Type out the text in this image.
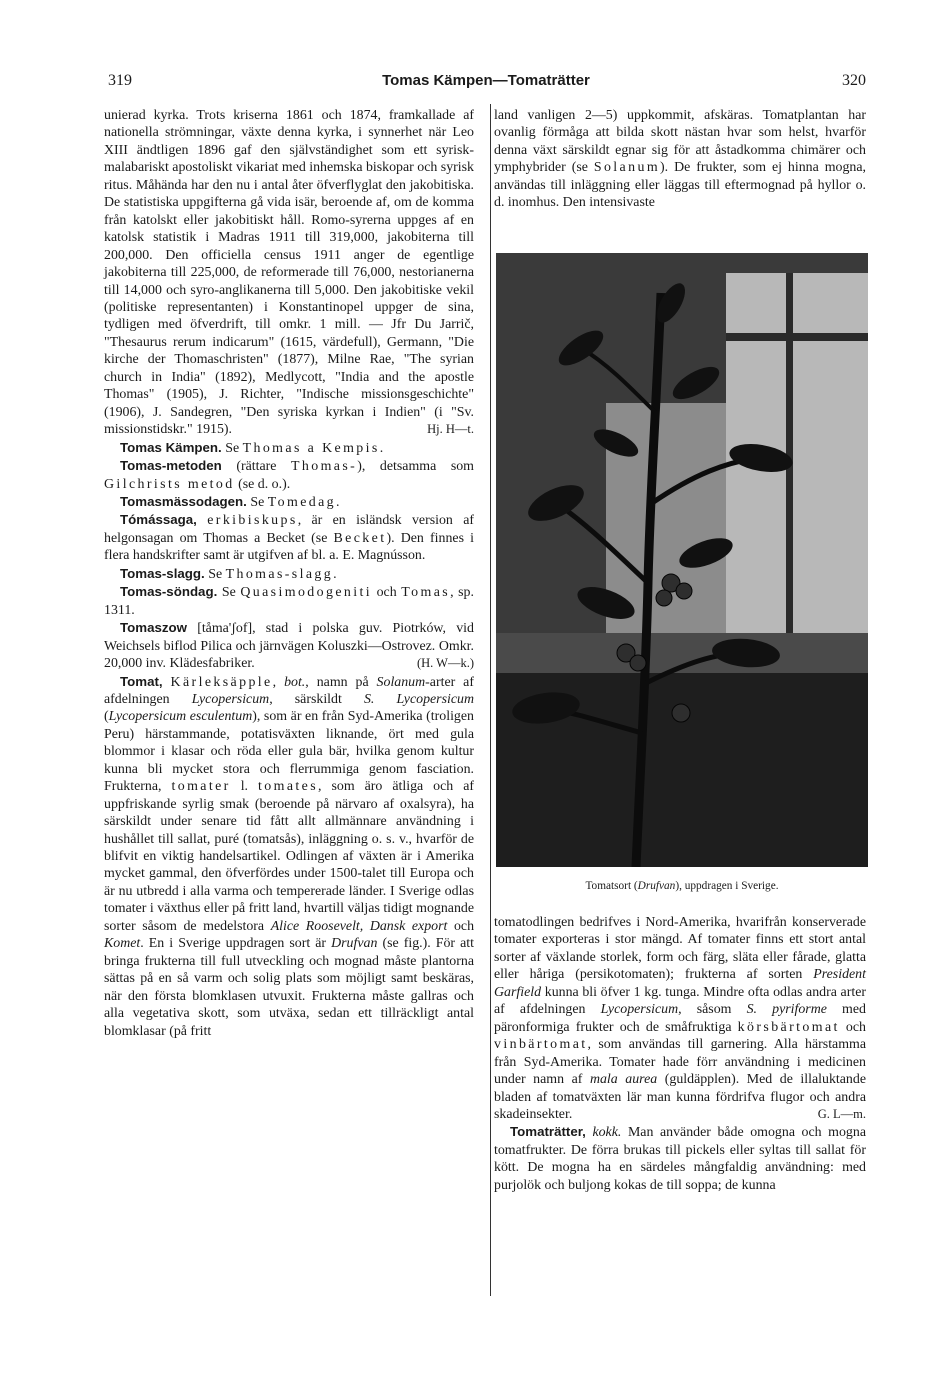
319	Tomas Kämpen—Tomaträtter	320

unierad kyrka. Trots kriserna 1861 och 1874, framkallade af nationella strömningar, växte denna kyrka, i synnerhet när Leo XIII ändtligen 1896 gaf den självständighet som ett syrisk-malabariskt apostoliskt vikariat med inhemska biskopar och syrisk ritus. Måhända har den nu i antal åter öfverflyglat den jakobitiska. De statistiska uppgifterna gå vida isär, beroende af, om de komma från katolskt eller jakobitiskt håll. Romo-syrerna uppges af en katolsk statistik i Madras 1911 till 319,000, jakobiterna till 200,000. Den officiella census 1911 anger de egentlige jakobiterna till 225,000, de reformerade till 76,000, nestorianerna till 14,000 och syro-anglikanerna till 5,000. Den jakobitiske vekil (politiske representanten) i Konstantinopel uppger de sina, tydligen med öfverdrift, till omkr. 1 mill. — Jfr Du Jarrič, "Thesaurus rerum indicarum" (1615, värdefull), Germann, "Die kirche der Thomaschristen" (1877), Milne Rae, "The syrian church in India" (1892), Medlycott, "India and the apostle Thomas" (1905), J. Richter, "Indische missionsgeschichte" (1906), J. Sandegren, "Den syriska kyrkan i Indien" (i "Sv. missionstidskr." 1915).	Hj. H—t.

Tomas Kämpen. Se Thomas a Kempis.

Tomas-metoden (rättare Thomas-), detsamma som Gilchrists metod (se d. o.).

Tomasmässodagen. Se Tomedag.

Tómássaga, erkibiskups, är en isländsk version af helgonsagan om Thomas a Becket (se Becket). Den finnes i flera handskrifter samt är utgifven af bl. a. E. Magnússon.

Tomas-slagg. Se Thomas-slagg.

Tomas-söndag. Se Quasimodogeniti och Tomas, sp. 1311.

Tomaszow [tåma'ʃof], stad i polska guv. Piotrków, vid Weichsels biflod Pilica och järnvägen Koluszki—Ostrovez. Omkr. 20,000 inv. Klädesfabriker.	(H. W—k.)

Tomat, Kärleksäpple, bot., namn på Solanum-arter af afdelningen Lycopersicum, särskildt S. Lycopersicum (Lycopersicum esculentum), som är en från Syd-Amerika (troligen Peru) härstammande, potatisväxten liknande, ört med gula blommor i klasar och röda eller gula bär, hvilka genom kultur kunna bli mycket stora och flerrummiga genom fasciation. Frukterna, tomater l. tomates, som äro ätliga och af uppfriskande syrlig smak (beroende på närvaro af oxalsyra), ha särskildt under senare tid fått allt allmännare användning i hushållet till sallat, puré (tomatsås), inläggning o. s. v., hvarför de blifvit en viktig handelsartikel. Odlingen af växten är i Amerika mycket gammal, den öfverfördes under 1500-talet till Europa och är nu utbredd i alla varma och tempererade länder. I Sverige odlas tomater i växthus eller på fritt land, hvartill väljas tidigt mognande sorter såsom de medelstora Alice Roosevelt, Dansk export och Komet. En i Sverige uppdragen sort är Drufvan (se fig.). För att bringa frukterna till full utveckling och mognad måste plantorna sättas på en så varm och solig plats som möjligt samt beskäras, när den första blomklasen utvuxit. Frukterna måste gallras och alla vegetativa skott, som utväxa, sedan ett tillräckligt antal blomklasar (på fritt

land vanligen 2—5) uppkommit, afskäras. Tomatplantan har ovanlig förmåga att bilda skott nästan hvar som helst, hvarför denna växt särskildt egnar sig för att åstadkomma chimärer och ymphybrider (se Solanum). De frukter, som ej hinna mogna, användas till inläggning eller läggas till eftermognad på hyllor o. d. inomhus. Den intensivaste

Tomatsort (Drufvan), uppdragen i Sverige.

tomatodlingen bedrifves i Nord-Amerika, hvarifrån konserverade tomater exporteras i stor mängd. Af tomater finns ett stort antal sorter af växlande storlek, form och färg, släta eller fårade, glatta eller håriga (persikotomaten); frukterna af sorten President Garfield kunna bli öfver 1 kg. tunga. Mindre ofta odlas andra arter af afdelningen Lycopersicum, såsom S. pyriforme med päronformiga frukter och de småfruktiga körsbärtomat och vinbärtomat, som användas till garnering. Alla härstamma från Syd-Amerika. Tomater hade förr användning i medicinen under namn af mala aurea (guldäpplen). Med de illaluktande bladen af tomatväxten lär man kunna fördrifva flugor och andra skadeinsekter.	G. L—m.

Tomaträtter, kokk. Man använder både omogna och mogna tomatfrukter. De förra brukas till pickels eller syltas till sallat för kött. De mogna ha en särdeles mångfaldig användning: med purjolök och buljong kokas de till soppa; de kunna
